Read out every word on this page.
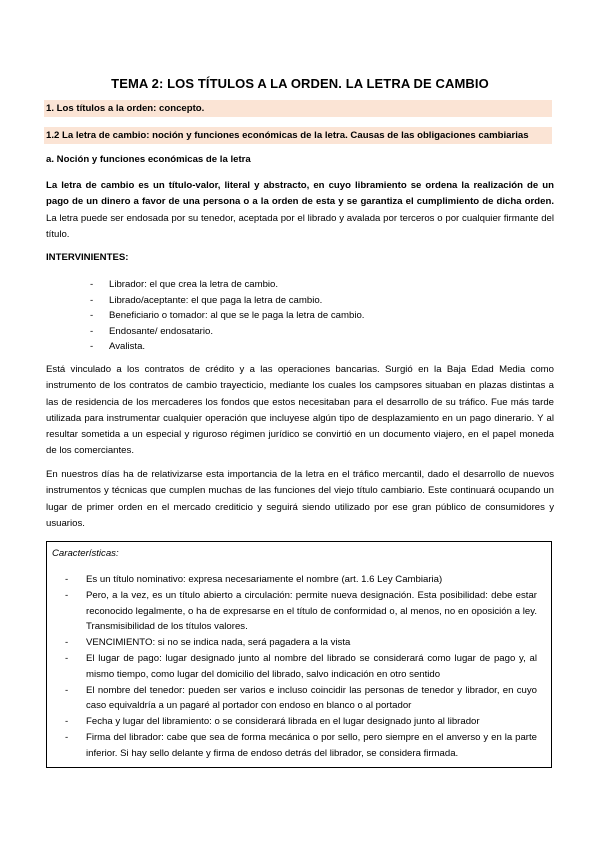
TEMA 2: LOS TÍTULOS A LA ORDEN. LA LETRA DE CAMBIO
1. Los títulos a la orden: concepto.
1.2 La letra de cambio: noción y funciones económicas de la letra. Causas de las obligaciones cambiarias
a. Noción y funciones económicas de la letra

La letra de cambio es un título-valor, literal y abstracto, en cuyo libramiento se ordena la realización de un pago de un dinero a favor de una persona o a la orden de esta y se garantiza el cumplimiento de dicha orden. La letra puede ser endosada por su tenedor, aceptada por el librado y avalada por terceros o por cualquier firmante del título.

INTERVINIENTES:
- Librador: el que crea la letra de cambio.
- Librado/aceptante: el que paga la letra de cambio.
- Beneficiario o tomador: al que se le paga la letra de cambio.
- Endosante/ endosatario.
- Avalista.

Está vinculado a los contratos de crédito y a las operaciones bancarias. Surgió en la Baja Edad Media como instrumento de los contratos de cambio trayecticio, mediante los cuales los campsores situaban en plazas distintas a las de residencia de los mercaderes los fondos que estos necesitaban para el desarrollo de su tráfico. Fue más tarde utilizada para instrumentar cualquier operación que incluyese algún tipo de desplazamiento en un pago dinerario. Y al resultar sometida a un especial y riguroso régimen jurídico se convirtió en un documento viajero, en el papel moneda de los comerciantes.

En nuestros días ha de relativizarse esta importancia de la letra en el tráfico mercantil, dado el desarrollo de nuevos instrumentos y técnicas que cumplen muchas de las funciones del viejo título cambiario. Este continuará ocupando un lugar de primer orden en el mercado crediticio y seguirá siendo utilizado por ese gran público de consumidores y usuarios.

Características:
- Es un título nominativo: expresa necesariamente el nombre (art. 1.6 Ley Cambiaria)
- Pero, a la vez, es un título abierto a circulación: permite nueva designación. Esta posibilidad: debe estar reconocido legalmente, o ha de expresarse en el título de conformidad o, al menos, no en oposición a ley. Transmisibilidad de los títulos valores.
- VENCIMIENTO: si no se indica nada, será pagadera a la vista
- El lugar de pago: lugar designado junto al nombre del librado se considerará como lugar de pago y, al mismo tiempo, como lugar del domicilio del librado, salvo indicación en otro sentido
- El nombre del tenedor: pueden ser varios e incluso coincidir las personas de tenedor y librador, en cuyo caso equivaldría a un pagaré al portador con endoso en blanco o al portador
- Fecha y lugar del libramiento: o se considerará librada en el lugar designado junto al librador
- Firma del librador: cabe que sea de forma mecánica o por sello, pero siempre en el anverso y en la parte inferior. Si hay sello delante y firma de endoso detrás del librador, se considera firmada.
